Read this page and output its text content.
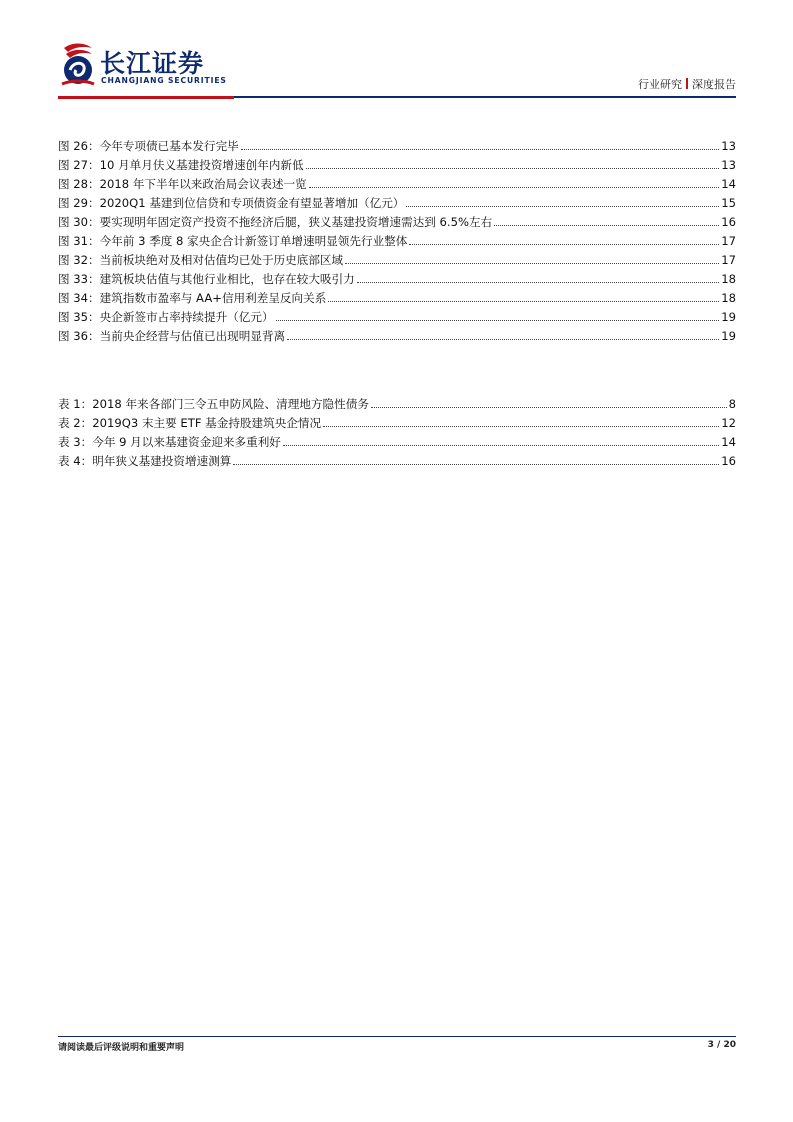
长江证券
CHANGJIANG SECURITIES	行业研究 深度报告
图 26：今年专项债已基本发行完毕	13
图 27：10 月单月伕义基建投资增速创年内新低	13
图 28：2018 年下半年以来政治局会议表述一览	14
图 29：2020Q1 基建到位信贷和专项债资金有望显著增加（亿元）	15
图 30：要实现明年固定资产投资不拖经济后腿，狭义基建投资增速需达到 6.5%左右	16
图 31：今年前 3 季度 8 家央企合计新签订单增速明显领先行业整体	17
图 32：当前板块绝对及相对估值均已处于历史底部区域	17
图 33：建筑板块估值与其他行业相比，也存在较大吸引力	18
图 34：建筑指数市盈率与 AA+信用利差呈反向关系	18
图 35：央企新签市占率持续提升（亿元）	19
图 36：当前央企经营与估值已出现明显背离	19
表 1：2018 年来各部门三令五申防风险、清理地方隐性债务	8
表 2：2019Q3 末主要 ETF 基金持股建筑央企情况	12
表 3：今年 9 月以来基建资金迎来多重利好	14
表 4：明年狭义基建投资增速测算	16
请阅读最后评级说明和重要声明	3 / 20
